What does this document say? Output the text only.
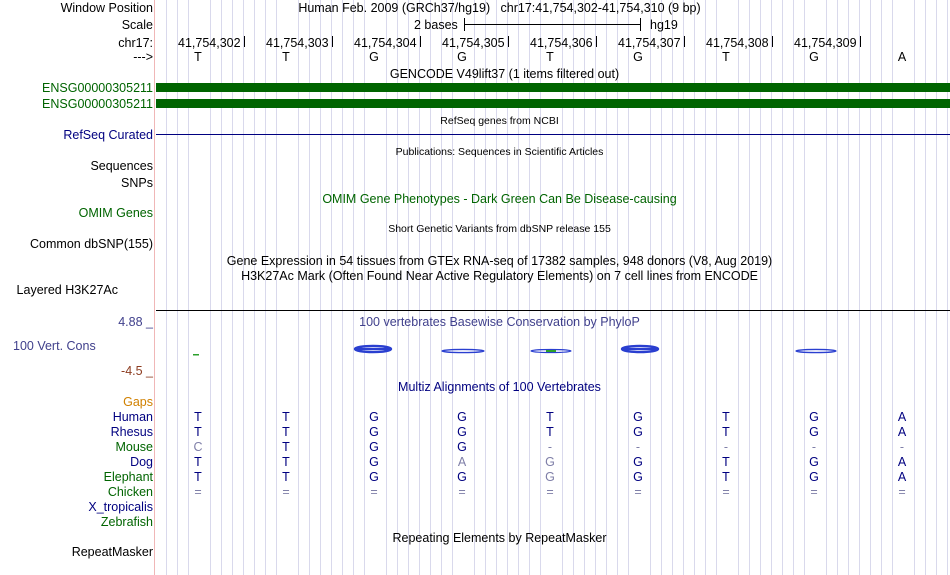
Window Position	Human Feb. 2009 (GRCh37/hg19)   chr17:41,754,302-41,754,310 (9 bp)
Scale	2 bases	hg19
chr17: 41,754,302 41,754,303 41,754,304 41,754,305 41,754,306 41,754,307 41,754,308 41,754,309
--->	T	T	G	G	T	G	T	G	A
GENCODE V49lift37 (1 items filtered out)
ENSG00000305211
ENSG00000305211
RefSeq genes from NCBI
RefSeq Curated
Publications: Sequences in Scientific Articles
Sequences
SNPs
OMIM Gene Phenotypes - Dark Green Can Be Disease-causing
OMIM Genes
Short Genetic Variants from dbSNP release 155
Common dbSNP(155)
Gene Expression in 54 tissues from GTEx RNA-seq of 17382 samples, 948 donors (V8, Aug 2019)
H3K27Ac Mark (Often Found Near Active Regulatory Elements) on 7 cell lines from ENCODE
Layered H3K27Ac
4.88 _	100 vertebrates Basewise Conservation by PhyloP
100 Vert. Cons
-4.5 _
Multiz Alignments of 100 Vertebrates
Gaps
Human	T	T	G	G	T	G	T	G	A
Rhesus	T	T	G	G	T	G	T	G	A
Mouse	C	T	G	G	-	-	-	-	-
Dog	T	T	G	A	G	G	T	G	A
Elephant	T	T	G	G	G	G	T	G	A
Chicken	=	=	=	=	=	=	=	=	=
X_tropicalis
Zebrafish
Repeating Elements by RepeatMasker
RepeatMasker
